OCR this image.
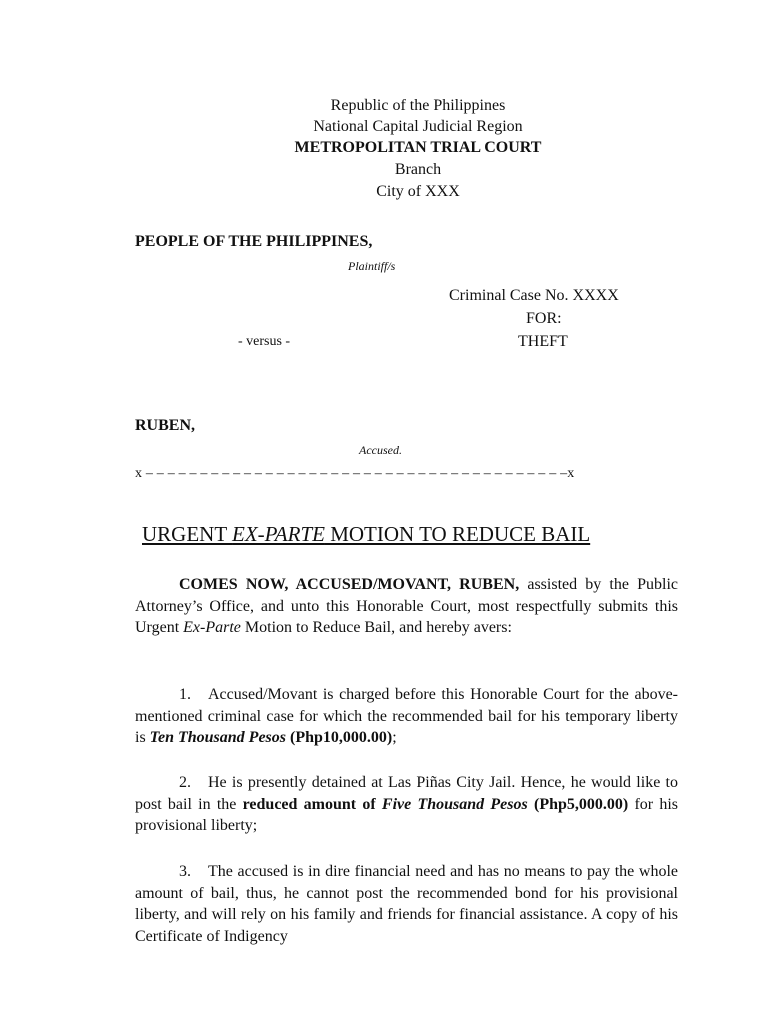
Republic of the Philippines
National Capital Judicial Region
METROPOLITAN TRIAL COURT
Branch
City of XXX
PEOPLE OF THE PHILIPPINES,
Plaintiff/s
Criminal Case No. XXXX
FOR:
THEFT
- versus -
RUBEN,
Accused.
x – – – – – – – – – – – – – – – – – – – – – – – – – – – – – – – – – – – – – – –x
URGENT EX-PARTE MOTION TO REDUCE BAIL
COMES NOW, ACCUSED/MOVANT, RUBEN, assisted by the Public Attorney’s Office, and unto this Honorable Court, most respectfully submits this Urgent Ex-Parte Motion to Reduce Bail, and hereby avers:
1. Accused/Movant is charged before this Honorable Court for the above-mentioned criminal case for which the recommended bail for his temporary liberty is Ten Thousand Pesos (Php10,000.00);
2. He is presently detained at Las Piñas City Jail. Hence, he would like to post bail in the reduced amount of Five Thousand Pesos (Php5,000.00) for his provisional liberty;
3. The accused is in dire financial need and has no means to pay the whole amount of bail, thus, he cannot post the recommended bond for his provisional liberty, and will rely on his family and friends for financial assistance. A copy of his Certificate of Indigency
